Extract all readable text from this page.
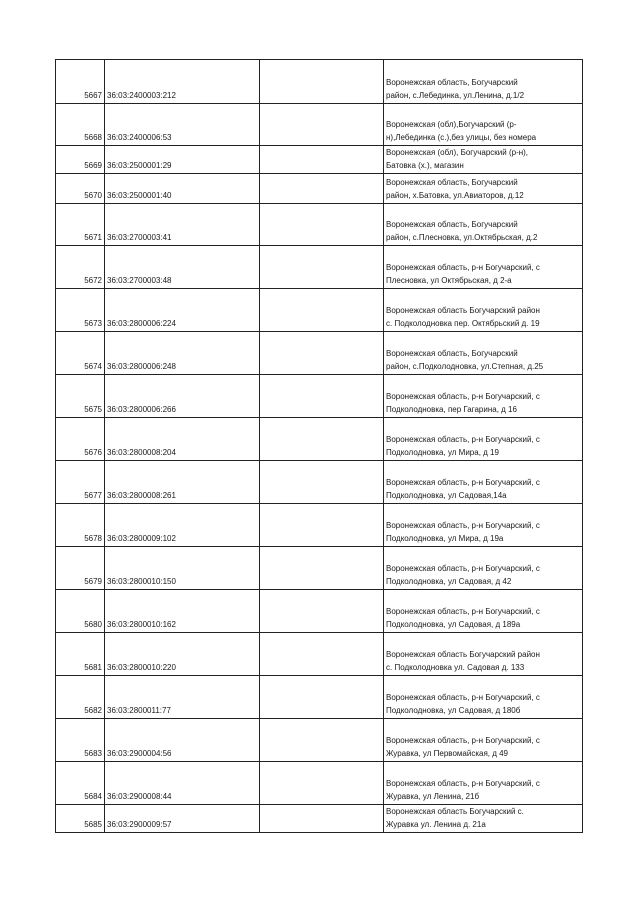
5667	36:03:2400003:212		Воронежская область, Богучарский
район, с.Лебединка, ул.Ленина, д.1/2

5668	36:03:2400006:53		Воронежская (обл),Богучарский (р-
н),Лебединка (с.),без улицы, без номера

5669	36:03:2500001:29		Воронежская (обл), Богучарский (р-н),
Батовка (х.), магазин

5670	36:03:2500001:40		Воронежская область, Богучарский
район, х.Батовка, ул.Авиаторов, д.12

5671	36:03:2700003:41		Воронежская область, Богучарский
район, с.Плесновка, ул.Октябрьская, д.2

5672	36:03:2700003:48		Воронежская область, р-н Богучарский, с
Плесновка, ул Октябрьская, д 2-а

5673	36:03:2800006:224		Воронежская область Богучарский район
с. Подколодновка пер. Октябрьский д. 19

5674	36:03:2800006:248		Воронежская область, Богучарский
район, с.Подколодновка, ул.Степная, д.25

5675	36:03:2800006:266		Воронежская область, р-н Богучарский, с
Подколодновка, пер Гагарина, д 16

5676	36:03:2800008:204		Воронежская область, р-н Богучарский, с
Подколодновка, ул Мира, д 19

5677	36:03:2800008:261		Воронежская область, р-н Богучарский, с
Подколодновка, ул Садовая,14а

5678	36:03:2800009:102		Воронежская область, р-н Богучарский, с
Подколодновка, ул Мира, д 19а

5679	36:03:2800010:150		Воронежская область, р-н Богучарский, с
Подколодновка, ул Садовая, д 42

5680	36:03:2800010:162		Воронежская область, р-н Богучарский, с
Подколодновка, ул Садовая, д 189а

5681	36:03:2800010:220		Воронежская область Богучарский район
с. Подколодновка ул. Садовая д. 133

5682	36:03:2800011:77		Воронежская область, р-н Богучарский, с
Подколодновка, ул Садовая, д 180б

5683	36:03:2900004:56		Воронежская область, р-н Богучарский, с
Журавка, ул Первомайская, д 49

5684	36:03:2900008:44		Воронежская область, р-н Богучарский, с
Журавка, ул Ленина, 21б

5685	36:03:2900009:57		Воронежская область Богучарский с.
Журавка ул. Ленина д. 21а
